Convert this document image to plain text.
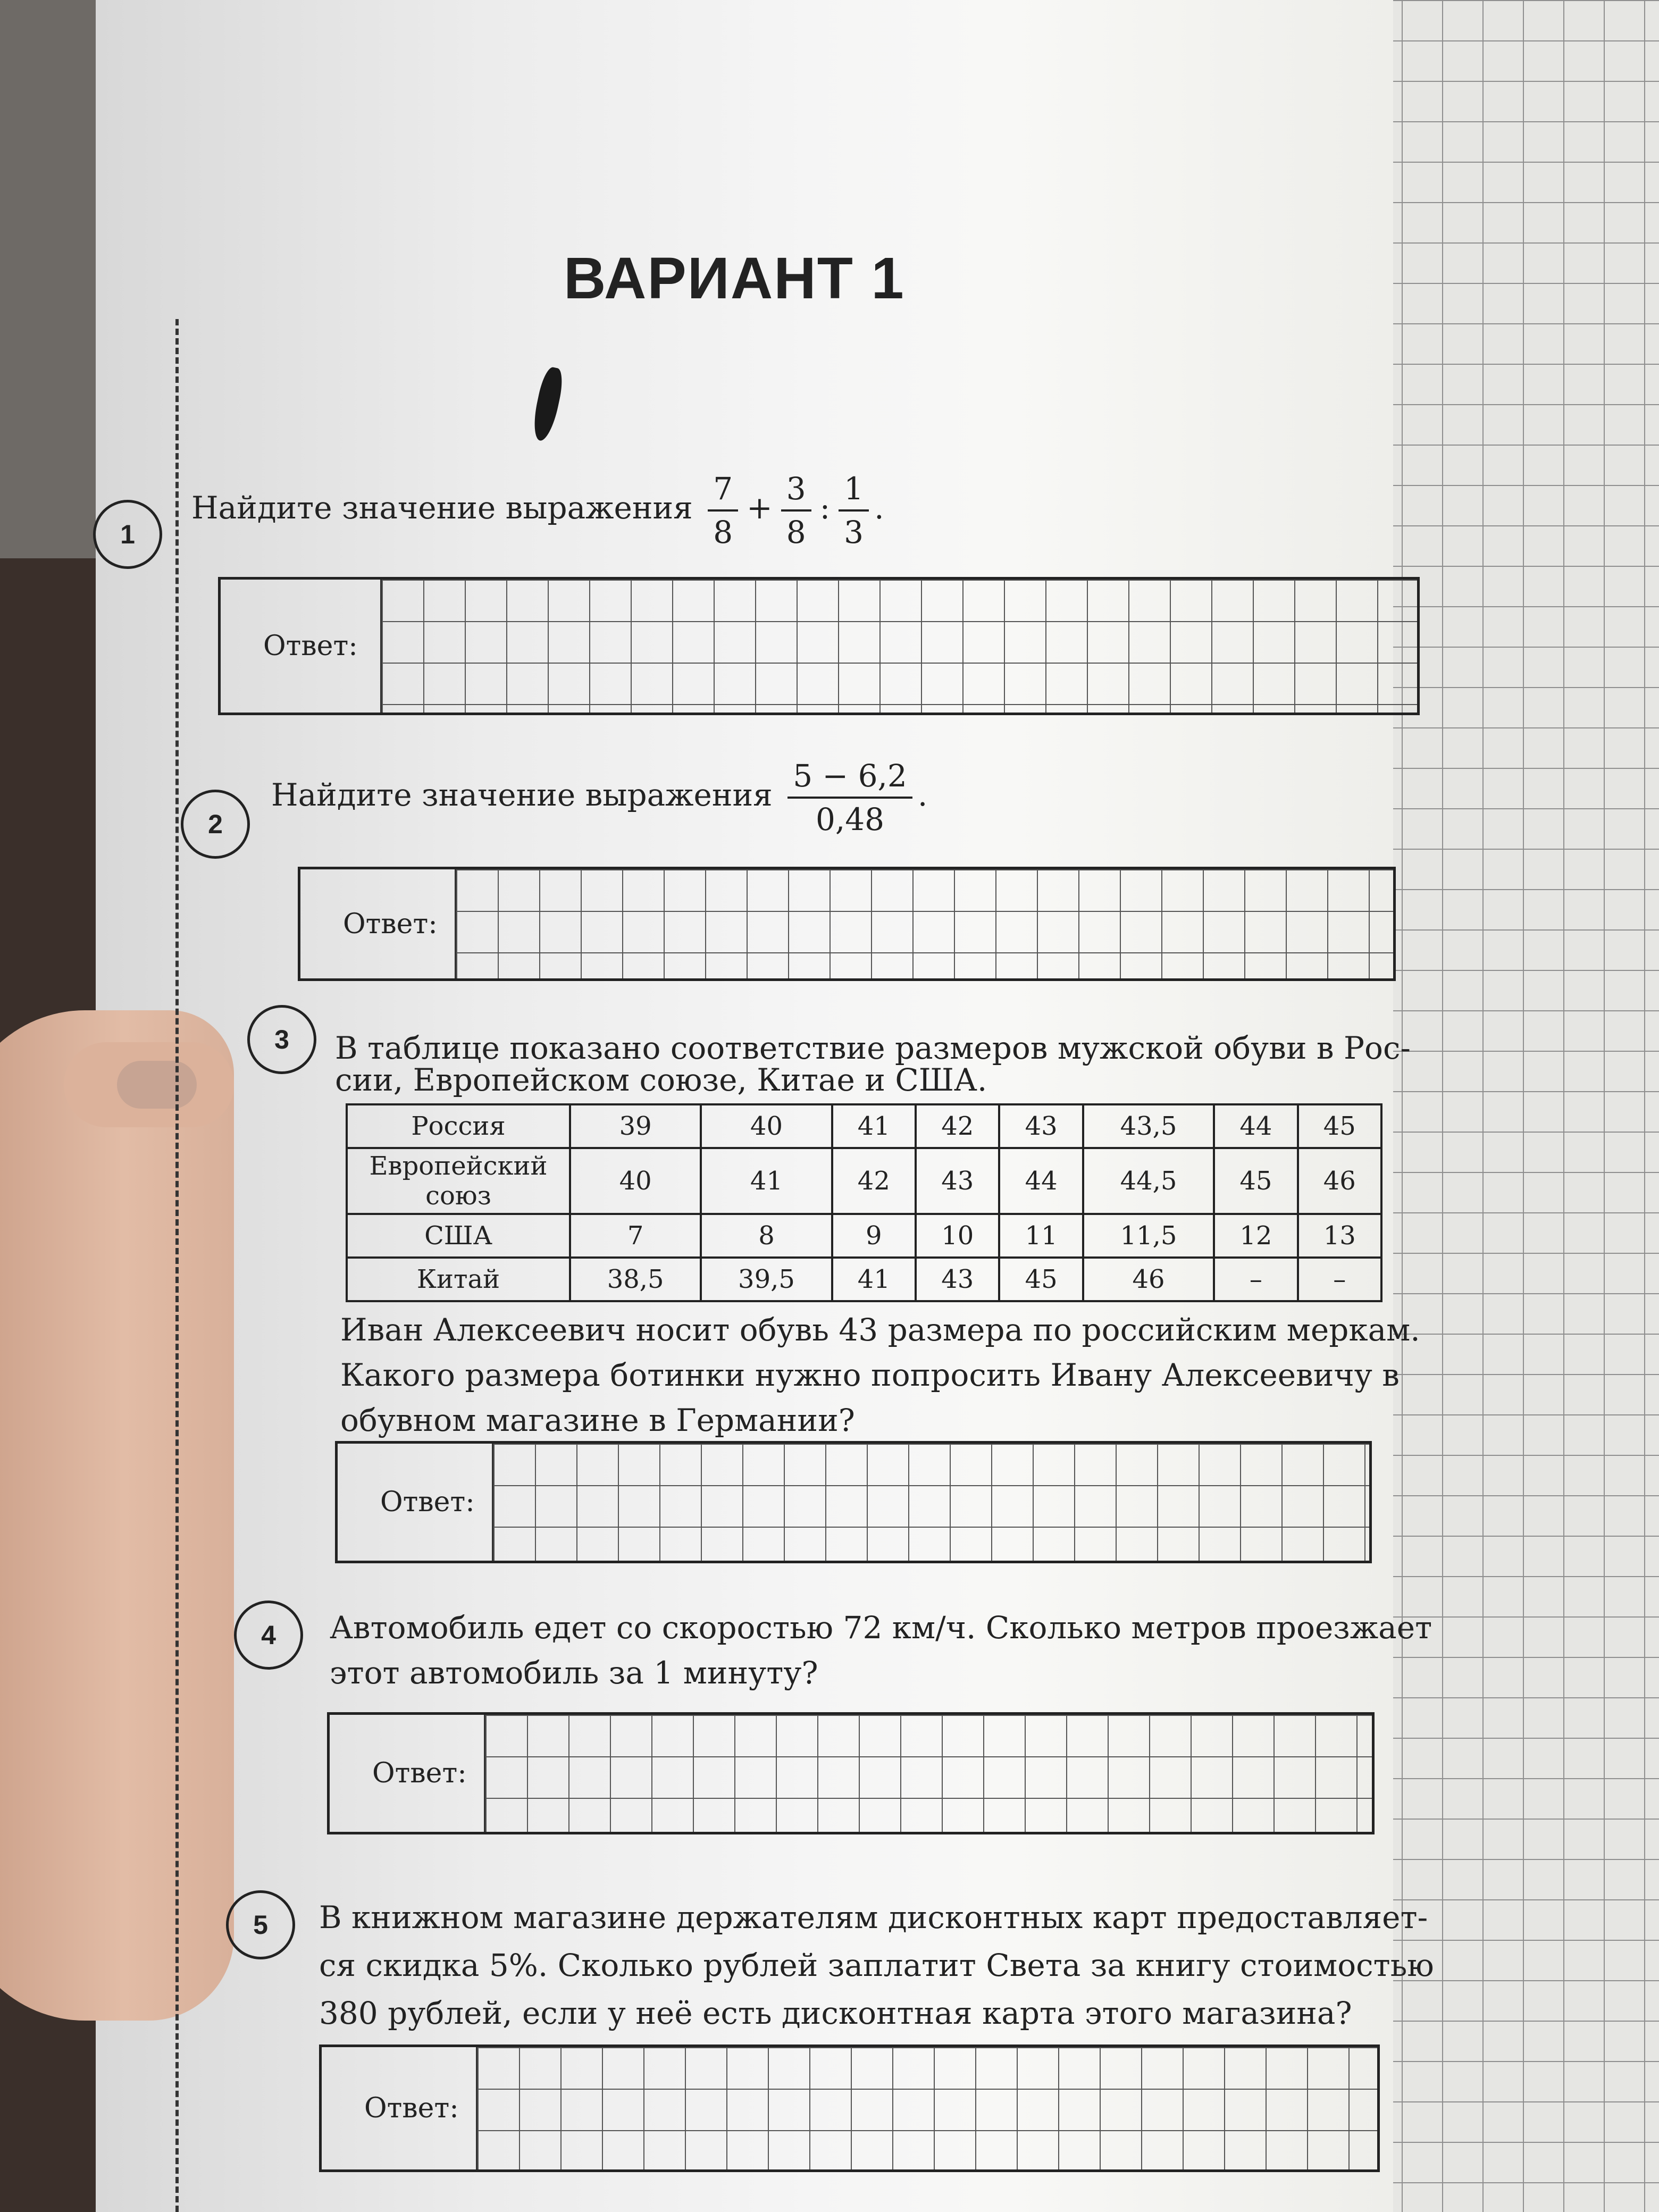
ВАРИАНТ 1
1
Найдите значение выражения $\frac{7}{8} + \frac{3}{8}$ : $\frac{1}{3}$ .
Ответ:
2
Найдите значение выражения $\frac{5 - 6,2}{0,48}$ .
Ответ:
3	В таблице показано соответствие размеров мужской обуви в Рос-
сии, Европейском союзе, Китае и США.
Россия	39	40	41	42	43	43,5	44	45
Европейский союз	40	41	42	43	44	44,5	45	46
США	7	8	9	10	11	11,5	12	13
Китай	38,5	39,5	41	43	45	46	–	–
Иван Алексеевич носит обувь 43 размера по российским меркам.
Какого размера ботинки нужно попросить Ивану Алексеевичу в
обувном магазине в Германии?
Ответ:
4	Автомобиль едет со скоростью 72 км/ч. Сколько метров проезжает
этот автомобиль за 1 минуту?
Ответ:
5	В книжном магазине держателям дисконтных карт предоставляет-
ся скидка 5%. Сколько рублей заплатит Света за книгу стоимостью
380 рублей, если у неё есть дисконтная карта этого магазина?
Ответ:
